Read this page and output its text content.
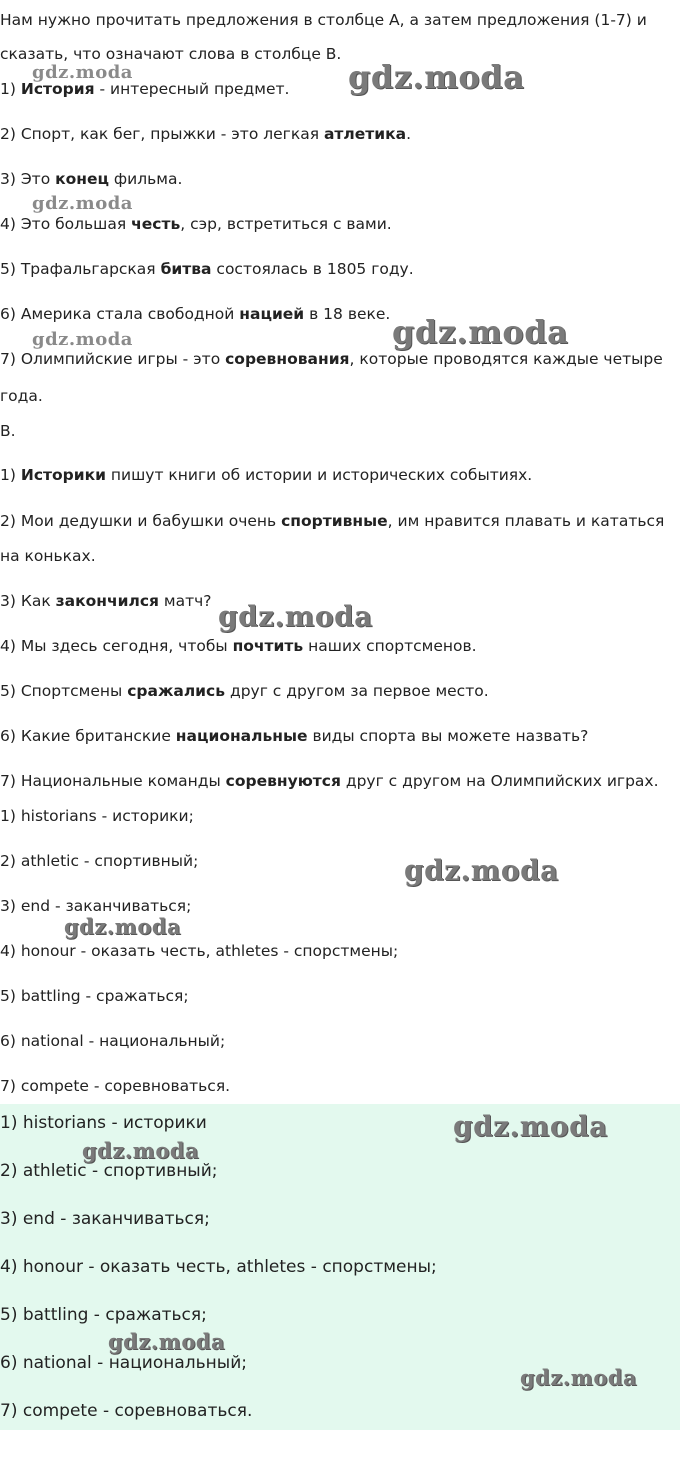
Нам нужно прочитать предложения в столбце А, а затем предложения (1-7) и
сказать, что означают слова в столбце В.
1) История - интересный предмет.
2) Спорт, как бег, прыжки - это легкая атлетика.
3) Это конец фильма.
4) Это большая честь, сэр, встретиться с вами.
5) Трафальгарская битва состоялась в 1805 году.
6) Америка стала свободной нацией в 18 веке.
7) Олимпийские игры - это соревнования, которые проводятся каждые четыре
года.
B.
1) Историки пишут книги об истории и исторических событиях.
2) Мои дедушки и бабушки очень спортивные, им нравится плавать и кататься
на коньках.
3) Как закончился матч?
4) Мы здесь сегодня, чтобы почтить наших спортсменов.
5) Спортсмены сражались друг с другом за первое место.
6) Какие британские национальные виды спорта вы можете назвать?
7) Национальные команды соревнуются друг с другом на Олимпийских играх.
1) historians - историки;
2) athletic - спортивный;
3) end - заканчиваться;
4) honour - оказать честь, athletes - спорстмены;
5) battling - сражаться;
6) national - национальный;
7) compete - соревноваться.
1) historians - историки
2) athletic - спортивный;
3) end - заканчиваться;
4) honour - оказать честь, athletes - спорстмены;
5) battling - сражаться;
6) national - национальный;
7) compete - соревноваться.
gdz.moda	gdz.moda
gdz.moda
gdz.moda
gdz.moda
gdz.moda
gdz.moda
gdz.moda
gdz.moda
gdz.moda
gdz.moda
gdz.moda
